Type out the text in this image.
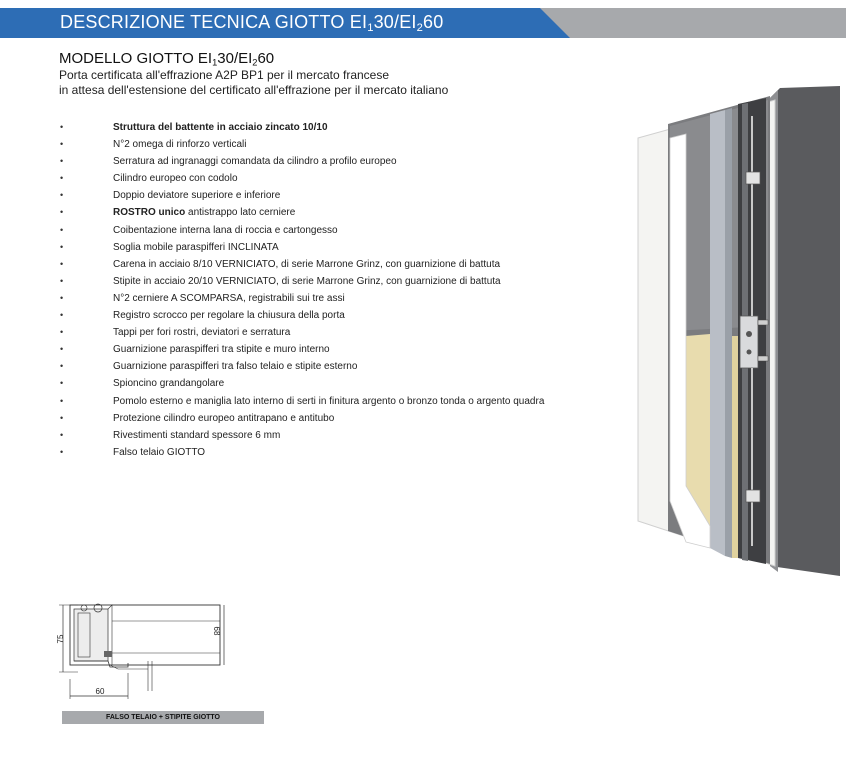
DESCRIZIONE TECNICA GIOTTO $EI_130/EI_260$
MODELLO GIOTTO $EI_130/EI_260$
Porta certificata all'effrazione A2P BP1 per il mercato francese
in attesa dell'estensione del certificato all'effrazione per il mercato italiano
•	Struttura del battente in acciaio zincato 10/10
•	N°2 omega di rinforzo verticali
•	Serratura ad ingranaggi comandata da cilindro a profilo europeo
•	Cilindro europeo con codolo
•	Doppio deviatore superiore e inferiore
•	ROSTRO unico antistrappo lato cerniere
•	Coibentazione interna lana di roccia e cartongesso
•	Soglia mobile paraspifferi INCLINATA
•	Carena in acciaio 8/10 VERNICIATO, di serie Marrone Grinz, con guarnizione di battuta
•	Stipite in acciaio 20/10 VERNICIATO, di serie Marrone Grinz, con guarnizione di battuta
•	N°2 cerniere A SCOMPARSA, registrabili sui tre assi
•	Registro scrocco per regolare la chiusura della porta
•	Tappi per fori rostri, deviatori e serratura
•	Guarnizione paraspifferi tra stipite e muro interno
•	Guarnizione paraspifferi tra falso telaio e stipite esterno
•	Spioncino grandangolare
•	Pomolo esterno e maniglia lato interno di serti in finitura argento o bronzo tonda o argento quadra
•	Protezione cilindro europeo antitrapano e antitubo
•	Rivestimenti standard spessore 6 mm
•	Falso telaio GIOTTO
75
68
60
FALSO TELAIO + STIPITE GIOTTO
